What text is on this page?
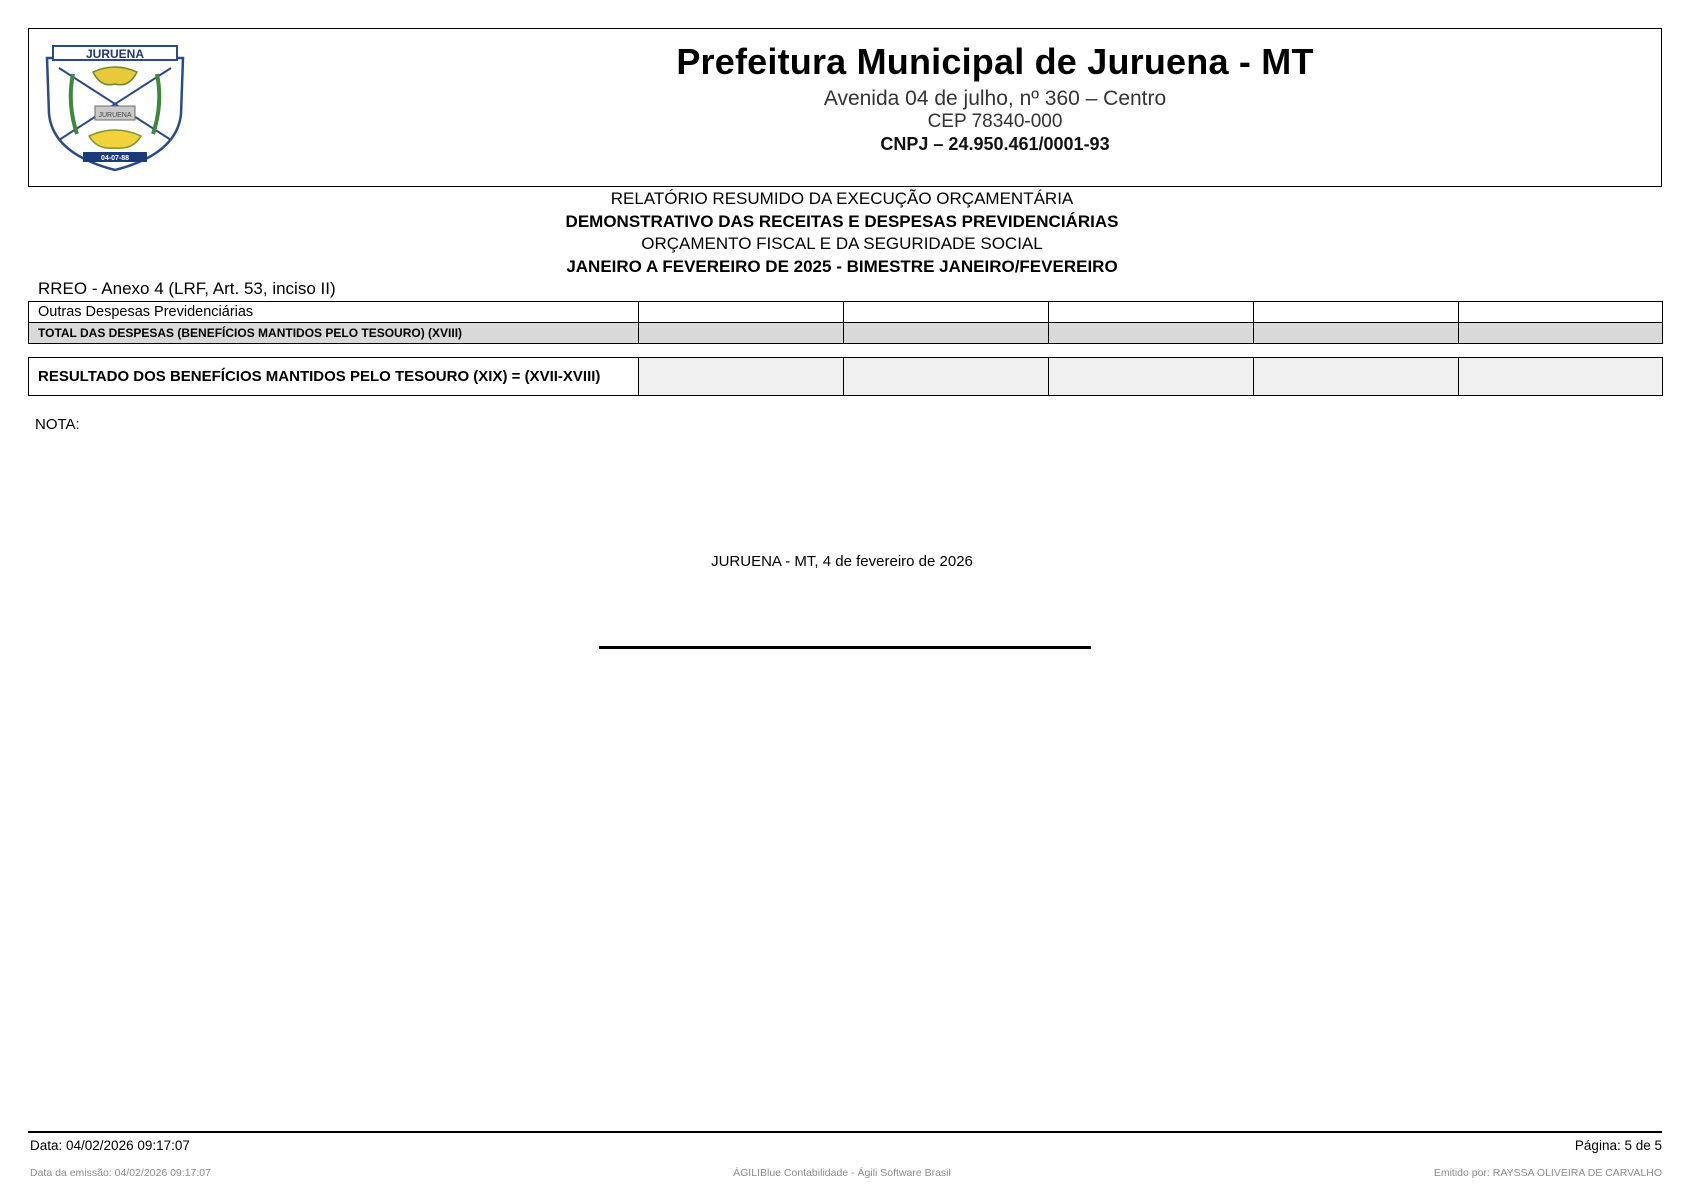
JURUENA
JURUENA
04-07-88
Prefeitura Municipal de Juruena - MT
Avenida 04 de julho, nº 360 – Centro
CEP 78340-000
CNPJ – 24.950.461/0001-93
RELATÓRIO RESUMIDO DA EXECUÇÃO ORÇAMENTÁRIA
DEMONSTRATIVO DAS RECEITAS E DESPESAS PREVIDENCIÁRIAS
ORÇAMENTO FISCAL E DA SEGURIDADE SOCIAL
JANEIRO A FEVEREIRO DE 2025 - BIMESTRE JANEIRO/FEVEREIRO
RREO - Anexo 4 (LRF, Art. 53, inciso II)
Outras Despesas Previdenciárias					
TOTAL DAS DESPESAS (BENEFÍCIOS MANTIDOS PELO TESOURO) (XVIII)					
RESULTADO DOS BENEFÍCIOS MANTIDOS PELO TESOURO (XIX) = (XVII-XVIII)					
NOTA:
JURUENA - MT, 4 de fevereiro de 2026
Data: 04/02/2026 09:17:07	Página: 5 de 5
Data da emissão: 04/02/2026 09:17:07	ÁGILIBlue Contabilidade - Ágili Software Brasil	Emitido por: RAYSSA OLIVEIRA DE CARVALHO
